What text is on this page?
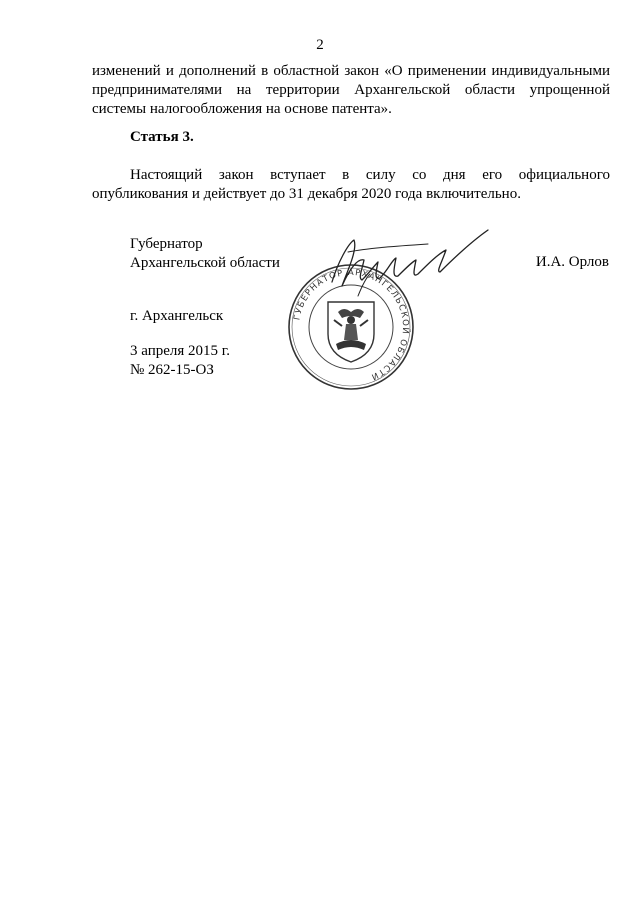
2
изменений и дополнений в областной закон «О применении индивидуальными
предпринимателями на территории Архангельской области упрощенной
системы налогообложения на основе патента».
Статья 3.
Настоящий закон вступает в силу со дня его официального
опубликования и действует до 31 декабря 2020 года включительно.
Губернатор
Архангельской области	И.А. Орлов
ГУБЕРНАТОР АРХАНГЕЛЬСКОЙ ОБЛАСТИ
г. Архангельск
3 апреля 2015 г.
№ 262-15-ОЗ
